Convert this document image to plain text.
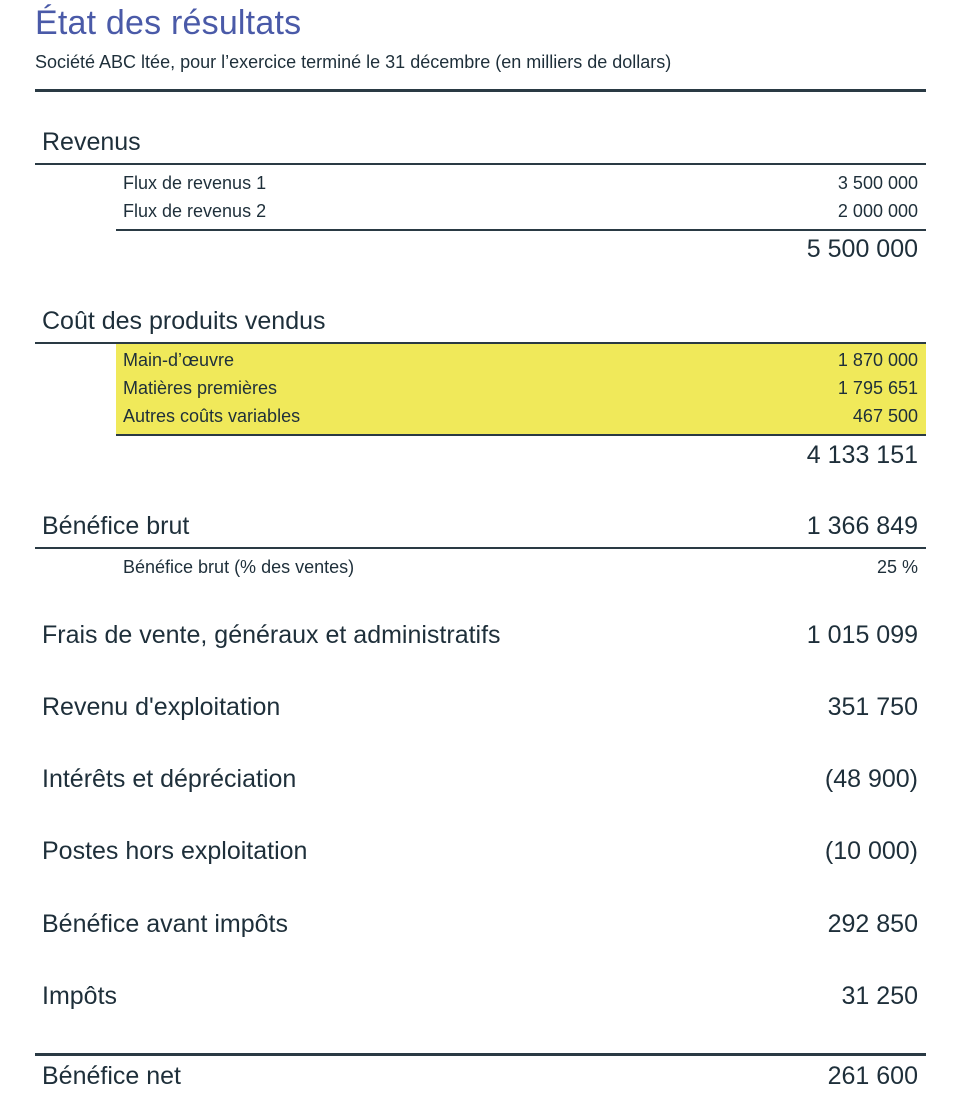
État des résultats
Société ABC ltée, pour l’exercice terminé le 31 décembre (en milliers de dollars)
Revenus
Flux de revenus 1	3 500 000
Flux de revenus 2	2 000 000
5 500 000
Coût des produits vendus
Main-d’œuvre	1 870 000
Matières premières	1 795 651
Autres coûts variables	467 500
4 133 151
Bénéfice brut	1 366 849
Bénéfice brut (% des ventes)	25 %
Frais de vente, généraux et administratifs	1 015 099
Revenu d'exploitation	351 750
Intérêts et dépréciation	(48 900)
Postes hors exploitation	(10 000)
Bénéfice avant impôts	292 850
Impôts	31 250
Bénéfice net	261 600
